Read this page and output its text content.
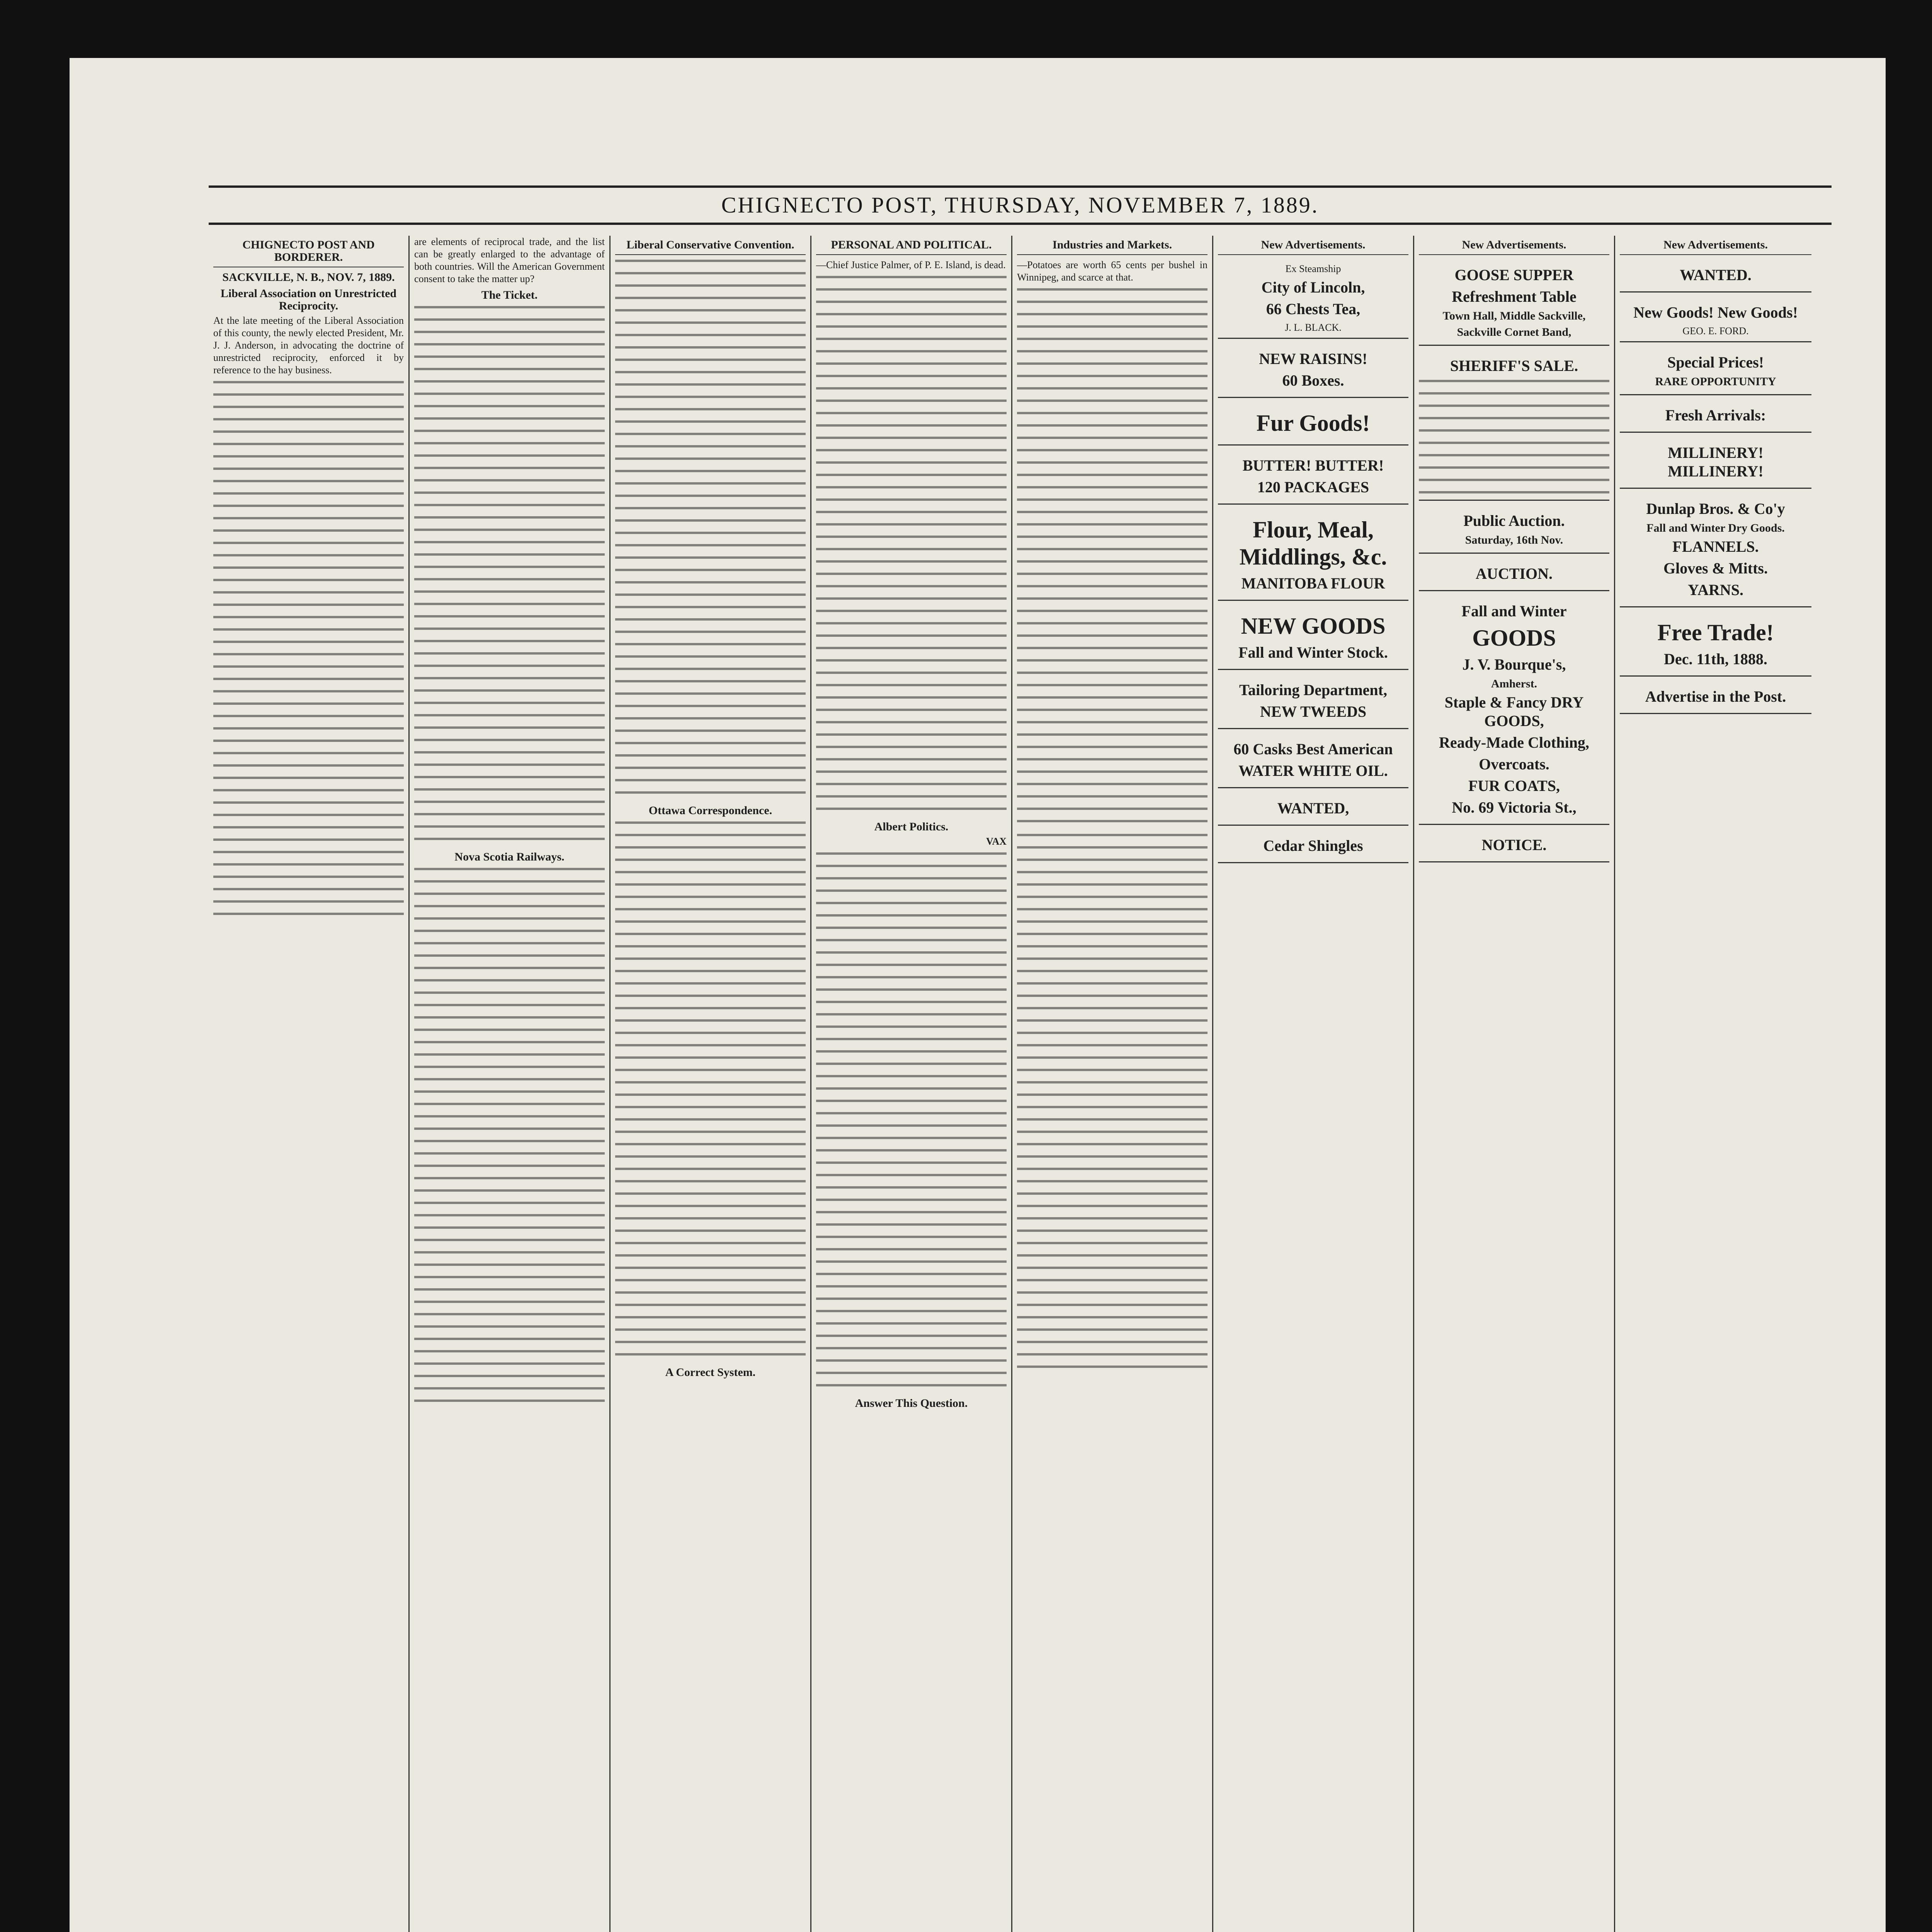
CHIGNECTO POST, THURSDAY, NOVEMBER 7, 1889.
CHIGNECTO POST AND BORDERER.
SACKVILLE, N. B., NOV. 7, 1889.
Liberal Association on Unrestricted Reciprocity.

At the late meeting of the Liberal Association of this county, the newly elected President, Mr. J. J. Anderson, in advocating the doctrine of unrestricted reciprocity, enforced it by reference to the hay business.

are elements of reciprocal trade, and the list can be greatly enlarged to the advantage of both countries. Will the American Government consent to take the matter up?

The Ticket.
Nova Scotia Railways.
Liberal Conservative Convention.
Ottawa Correspondence.
A Correct System.
PERSONAL AND POLITICAL.

—Chief Justice Palmer, of P. E. Island, is dead.

Albert Politics.
VAX
Answer This Question.
Industries and Markets.

—Potatoes are worth 65 cents per bushel in Winnipeg, and scarce at that.

New Advertisements.
Ex Steamship
City of Lincoln,
66 Chests Tea,
J. L. BLACK.
NEW RAISINS!
60 Boxes.
Fur Goods!
BUTTER! BUTTER!
120 PACKAGES
Flour, Meal, Middlings, &c.
MANITOBA FLOUR
NEW GOODS
Fall and Winter Stock.
Tailoring Department,
NEW TWEEDS
60 Casks Best American
WATER WHITE OIL.
WANTED,
Cedar Shingles
New Advertisements.
GOOSE SUPPER
Refreshment Table
Town Hall, Middle Sackville,
Sackville Cornet Band,
SHERIFF'S SALE.
Public Auction.
Saturday, 16th Nov.
AUCTION.
Fall and Winter
GOODS
J. V. Bourque's,
Amherst.
Staple & Fancy DRY GOODS,
Ready-Made Clothing,
Overcoats.
FUR COATS,
No. 69 Victoria St.,
NOTICE.
New Advertisements.
WANTED.
New Goods! New Goods!
GEO. E. FORD.
Special Prices!
RARE OPPORTUNITY
Fresh Arrivals:
MILLINERY! MILLINERY!
Dunlap Bros. & Co'y
Fall and Winter Dry Goods.
FLANNELS.
Gloves & Mitts.
YARNS.
Free Trade!
Dec. 11th, 1888.
Advertise in the Post.
